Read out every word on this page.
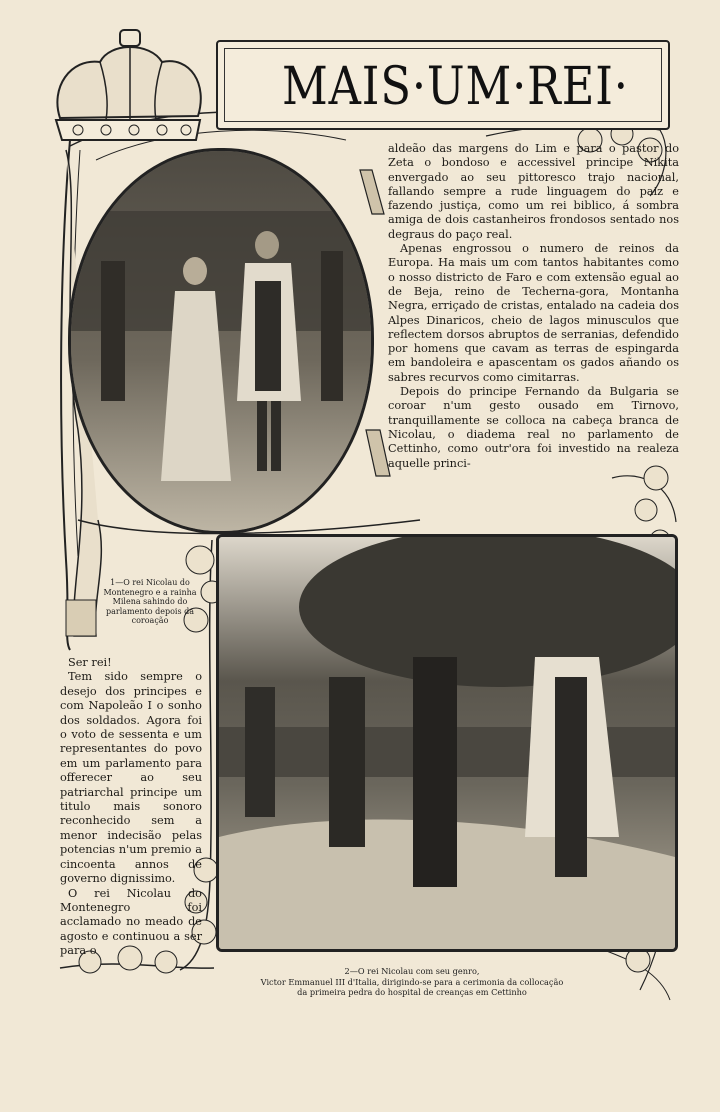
MAIS·UM·REI·
1—O rei Nicolau do Montenegro e a rainha Milena sahindo do parlamento depois da coroação
2—O rei Nicolau com seu genro,
Victor Emmanuel III d'Italia, dirigindo-se para a cerimonia da collocação
da primeira pedra do hospital de creanças em Cettinho

aldeão das margens do Lim e para o pastor do Zeta o bondoso e accessivel principe Nikita envergado ao seu pittoresco trajo nacional, fallando sempre a rude linguagem do paiz e fazendo justiça, como um rei biblico, á sombra amiga de dois castanheiros frondosos sentado nos degraus do paço real.

Apenas engrossou o numero de reinos da Europa. Ha mais um com tantos habitantes como o nosso districto de Faro e com extensão egual ao de Beja, reino de Techerna-gora, Montanha Negra, erriçado de cristas, entalado na cadeia dos Alpes Dinaricos, cheio de lagos minusculos que reflectem dorsos abruptos de serranias, defendido por homens que cavam as terras de espingarda em bandoleira e apascentam os gados añando os sabres recurvos como cimitarras.

Depois do principe Fernando da Bulgaria se coroar n'um gesto ousado em Tirnovo, tranquillamente se colloca na cabeça branca de Nicolau, o diadema real no parlamento de Cettinho, como outr'ora foi investido na realeza aquelle princi-

Ser rei!

Tem sido sempre o desejo dos principes e com Napoleão I o sonho dos soldados. Agora foi o voto de sessenta e um representantes do povo em um parlamento para offerecer ao seu patriarchal principe um titulo mais sonoro reconhecido sem a menor indecisão pelas potencias n'um premio a cincoenta annos de governo dignissimo.

O rei Nicolau do Montenegro foi acclamado no meado de agosto e continuou a ser para o
